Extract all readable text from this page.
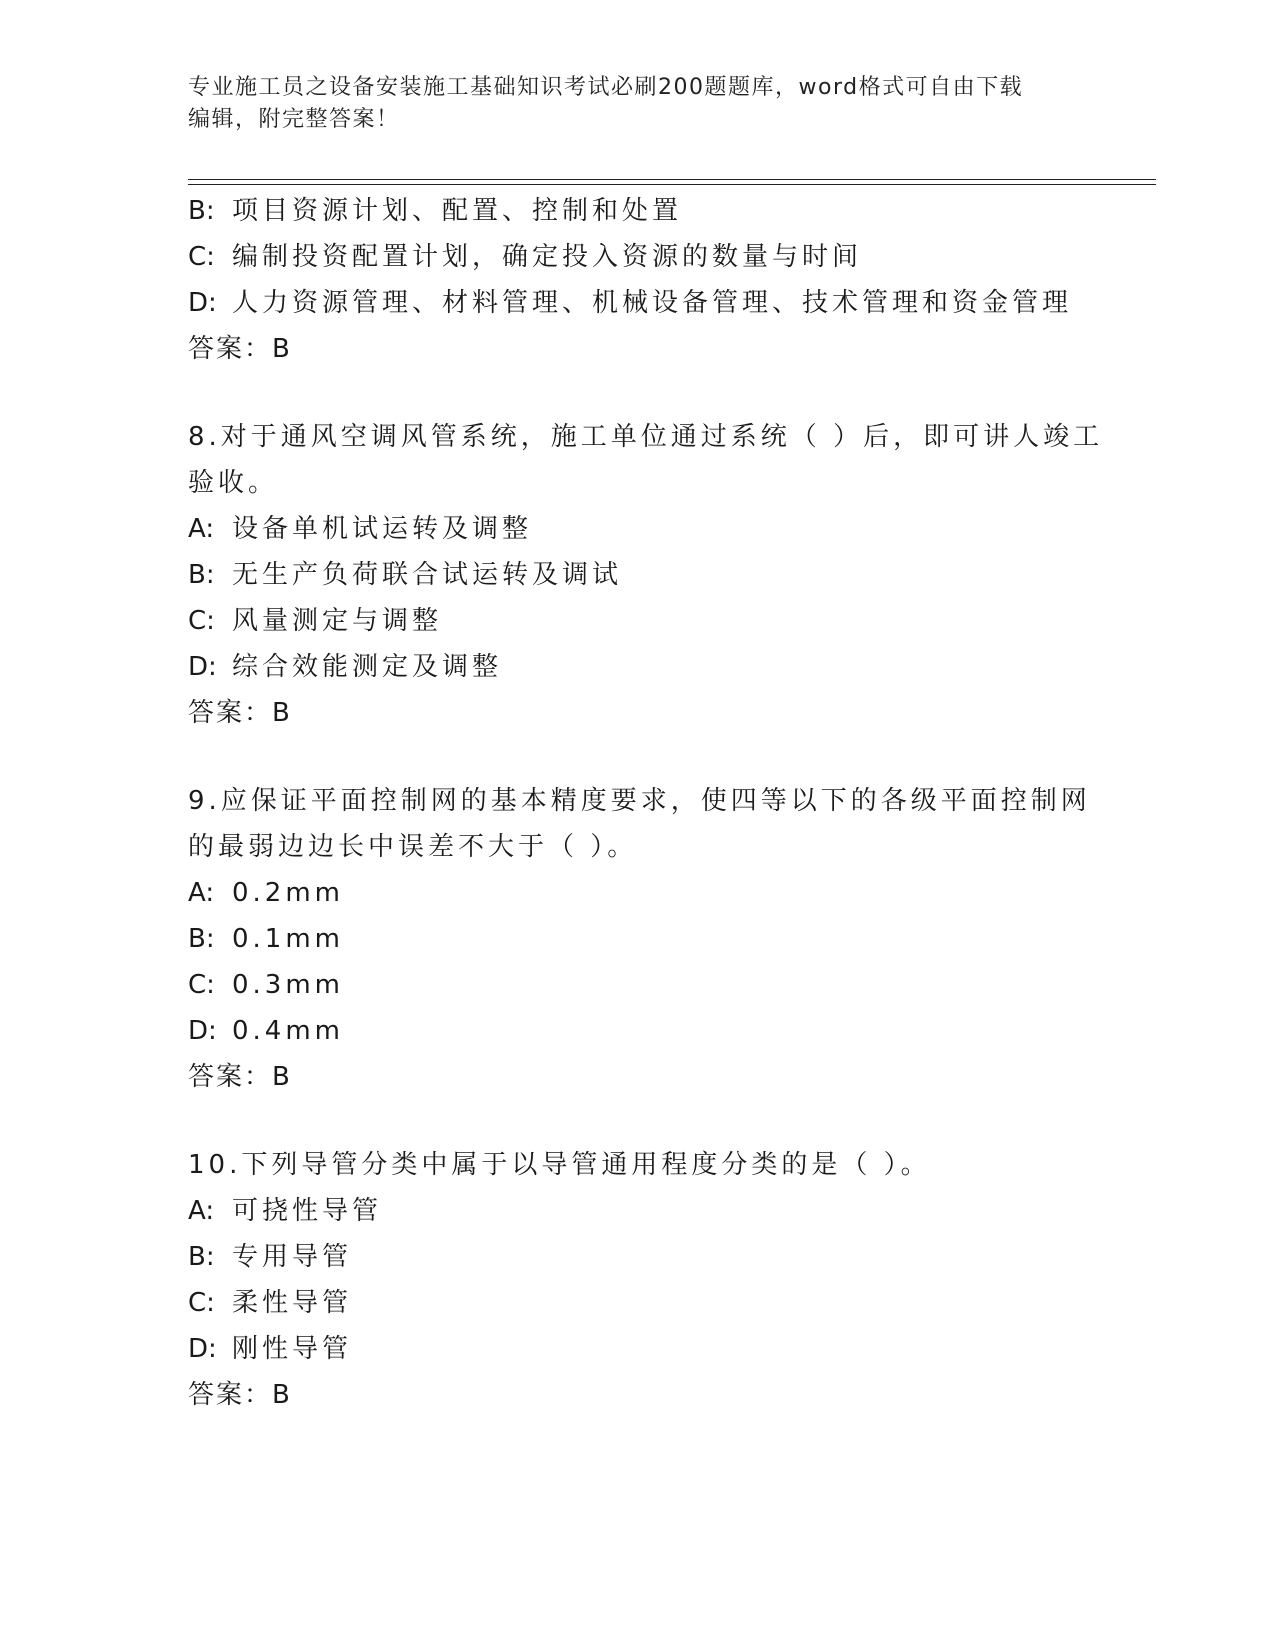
专业施工员之设备安装施工基础知识考试必刷200题题库，word格式可自由下载
编辑，附完整答案！
B: 项目资源计划、配置、控制和处置
C: 编制投资配置计划，确定投入资源的数量与时间
D: 人力资源管理、材料管理、机械设备管理、技术管理和资金管理
答案：B
8.对于通风空调风管系统，施工单位通过系统（ ）后，即可讲人竣工
验收。
A: 设备单机试运转及调整
B: 无生产负荷联合试运转及调试
C: 风量测定与调整
D: 综合效能测定及调整
答案：B
9.应保证平面控制网的基本精度要求，使四等以下的各级平面控制网
的最弱边边长中误差不大于（ ）。
A: 0.2mm
B: 0.1mm
C: 0.3mm
D: 0.4mm
答案：B
10.下列导管分类中属于以导管通用程度分类的是（ ）。
A: 可挠性导管
B: 专用导管
C: 柔性导管
D: 刚性导管
答案：B
